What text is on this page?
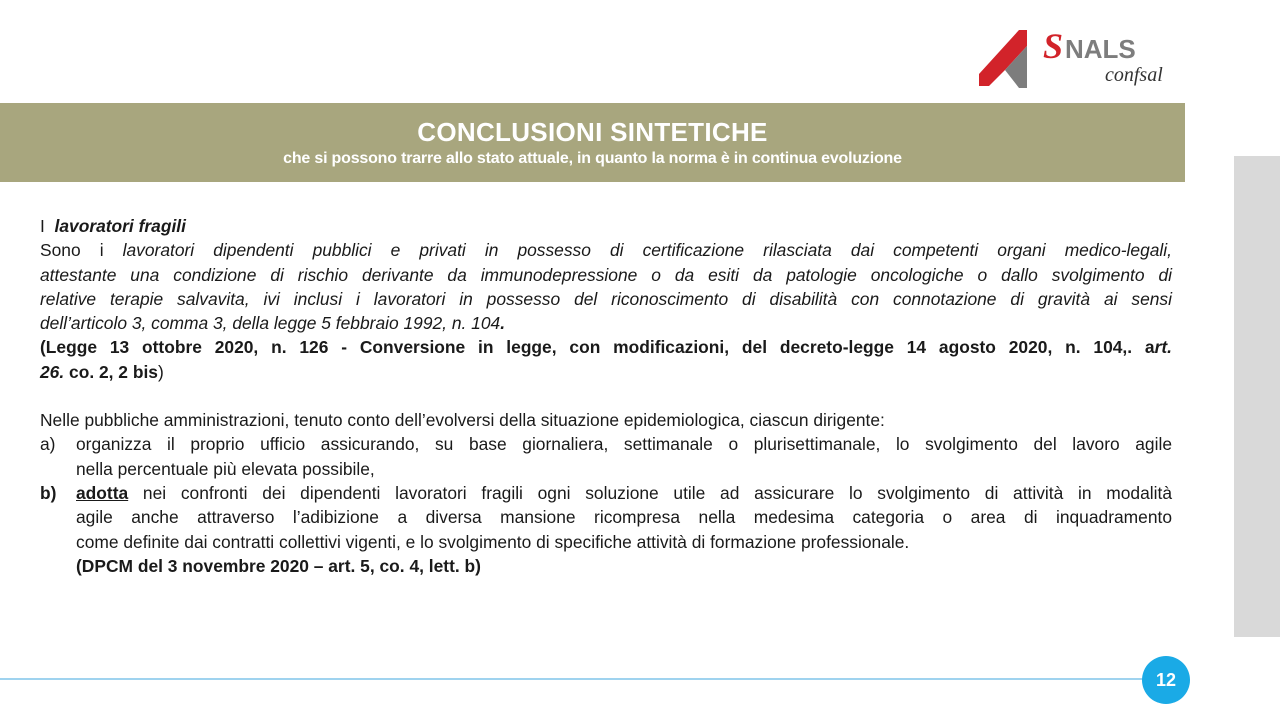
S NALS
confsal
CONCLUSIONI SINTETICHE
che si possono trarre allo stato attuale, in quanto la norma è in continua evoluzione

I lavoratori fragili

Sono i lavoratori dipendenti pubblici e privati in possesso di certificazione rilasciata dai competenti organi medico-legali,

attestante una condizione di rischio derivante da immunodepressione o da esiti da patologie oncologiche o dallo svolgimento di

relative terapie salvavita, ivi inclusi i lavoratori in possesso del riconoscimento di disabilità con connotazione di gravità ai sensi

dell’articolo 3, comma 3, della legge 5 febbraio 1992, n. 104.

(Legge 13 ottobre 2020, n. 126 - Conversione in legge, con modificazioni, del decreto-legge 14 agosto 2020, n. 104,. art.

26. co. 2, 2 bis)

Nelle pubbliche amministrazioni, tenuto conto dell’evolversi della situazione epidemiologica, ciascun dirigente:

a)	organizza il proprio ufficio assicurando, su base giornaliera, settimanale o plurisettimanale, lo svolgimento del lavoro agile
nella percentuale più elevata possibile,
b)	adotta nei confronti dei dipendenti lavoratori fragili ogni soluzione utile ad assicurare lo svolgimento di attività in modalità
agile anche attraverso l’adibizione a diversa mansione ricompresa nella medesima categoria o area di inquadramento
come definite dai contratti collettivi vigenti, e lo svolgimento di specifiche attività di formazione professionale.
(DPCM del 3 novembre 2020 – art. 5, co. 4, lett. b)
12
